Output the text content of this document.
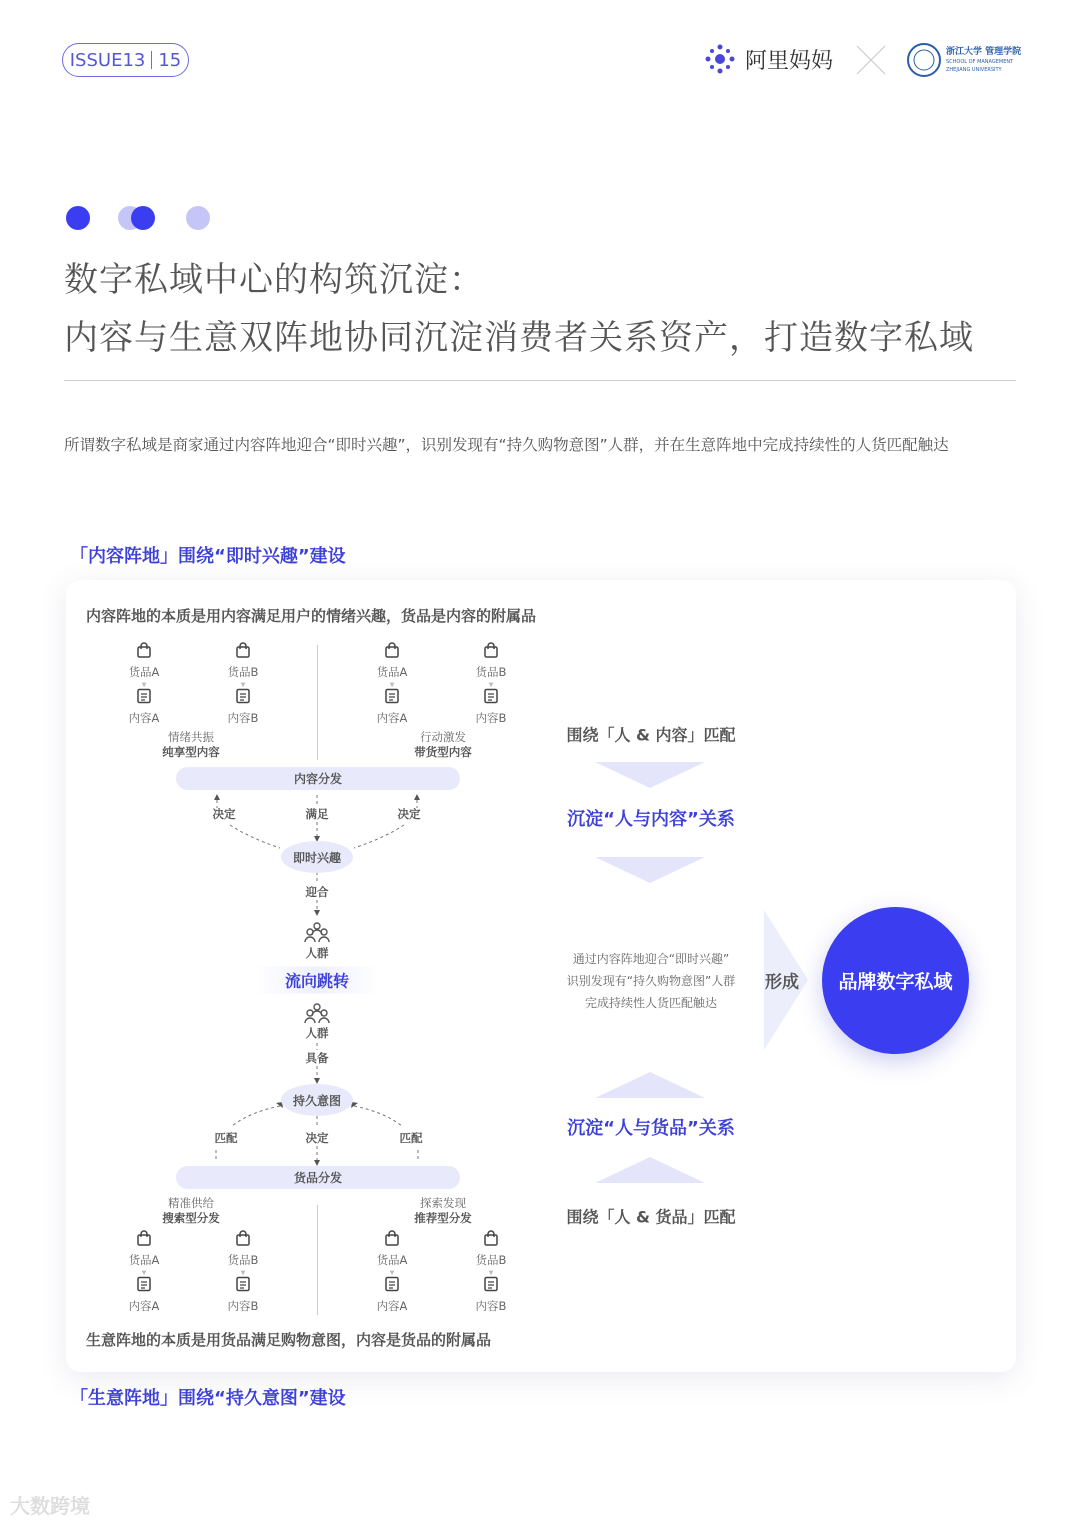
ISSUE13 15	阿里妈妈	浙江大学 管理学院
SCHOOL OF MANAGEMENT
ZHEJIANG UNIVERSITY
数字私域中心的构筑沉淀：
内容与生意双阵地协同沉淀消费者关系资产，打造数字私域
所谓数字私域是商家通过内容阵地迎合“即时兴趣”，识别发现有“持久购物意图”人群，并在生意阵地中完成持续性的人货匹配触达
「内容阵地」围绕“即时兴趣”建设
内容阵地的本质是用内容满足用户的情绪兴趣，货品是内容的附属品
生意阵地的本质是用货品满足购物意图，内容是货品的附属品
「生意阵地」围绕“持久意图”建设
货品A
▼
内容A
货品B
▼
内容B
货品A
▼
内容A
货品B
▼
内容B
货品A
▼
内容A
货品B
▼
内容B
货品A
▼
内容A
货品B
▼
内容B
情绪共振
纯享型内容
行动激发
带货型内容
内容分发
决定	满足	决定
即时兴趣
迎合
人群
流向跳转
人群
具备
持久意图
匹配	决定	匹配
货品分发
精准供给
搜索型分发
探索发现
推荐型分发
围绕「人 & 内容」匹配
沉淀“人与内容”关系
通过内容阵地迎合“即时兴趣”
识别发现有“持久购物意图”人群
完成持续性人货匹配触达
形成	品牌数字私域
沉淀“人与货品”关系
围绕「人 & 货品」匹配
大数跨境
